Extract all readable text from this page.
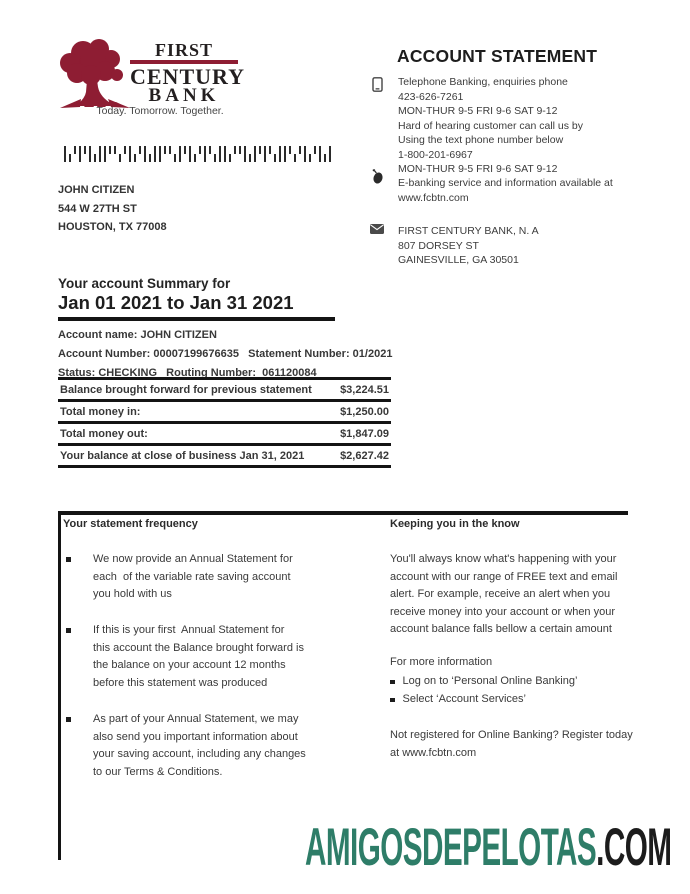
FIRST
CENTURY
BANK
Today. Tomorrow. Together.
JOHN CITIZEN
544 W 27TH ST
HOUSTON, TX 77008
ACCOUNT STATEMENT
Telephone Banking, enquiries phone
423-626-7261
MON-THUR 9-5 FRI 9-6 SAT 9-12
Hard of hearing customer can call us by
Using the text phone number below
1-800-201-6967
MON-THUR 9-5 FRI 9-6 SAT 9-12
E-banking service and information available at
www.fcbtn.com
FIRST CENTURY BANK, N. A
807 DORSEY ST
GAINESVILLE, GA 30501
Your account Summary for
Jan 01 2021 to Jan 31 2021
Account name: JOHN CITIZEN
Account Number: 00007199676635   Statement Number: 01/2021
Status: CHECKING   Routing Number:  061120084
Balance brought forward for previous statement	$3,224.51
Total money in:	$1,250.00
Total money out:	$1,847.09
Your balance at close of business Jan 31, 2021	$2,627.42
Your statement frequency	Keeping you in the know
We now provide an Annual Statement for
each  of the variable rate saving account
you hold with us
If this is your first  Annual Statement for
this account the Balance brought forward is
the balance on your account 12 months
before this statement was produced
As part of your Annual Statement, we may
also send you important information about
your saving account, including any changes
to our Terms & Conditions.
You'll always know what's happening with your
account with our range of FREE text and email
alert. For example, receive an alert when you
receive money into your account or when your
account balance falls bellow a certain amount
For more information
Log on to ‘Personal Online Banking’
Select ‘Account Services’
Not registered for Online Banking? Register today
at www.fcbtn.com
AMIGOSDEPELOTAS.COM
